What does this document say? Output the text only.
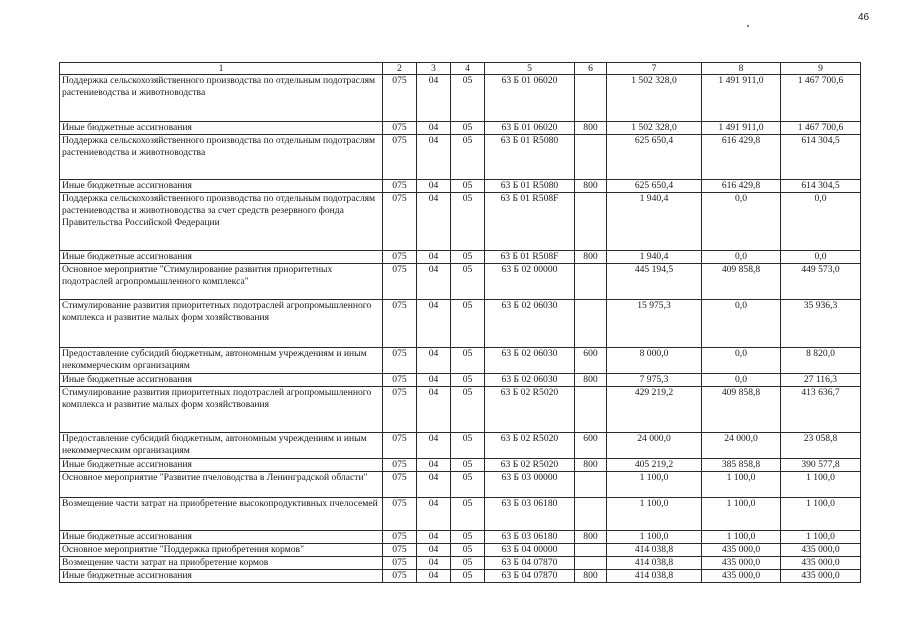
46
1	2	3	4	5	6	7	8	9
Поддержка сельскохозяйственного производства по отдельным подотраслям растениеводства и животноводства	075	04	05	63 Б 01 06020		1 502 328,0	1 491 911,0	1 467 700,6
Иные бюджетные ассигнования	075	04	05	63 Б 01 06020	800	1 502 328,0	1 491 911,0	1 467 700,6
Поддержка сельскохозяйственного производства по отдельным подотраслям растениеводства и животноводства	075	04	05	63 Б 01 R5080		625 650,4	616 429,8	614 304,5
Иные бюджетные ассигнования	075	04	05	63 Б 01 R5080	800	625 650,4	616 429,8	614 304,5
Поддержка сельскохозяйственного производства по отдельным подотраслям растениеводства и животноводства за счет средств резервного фонда Правительства Российской Федерации	075	04	05	63 Б 01 R508F		1 940,4	0,0	0,0
Иные бюджетные ассигнования	075	04	05	63 Б 01 R508F	800	1 940,4	0,0	0,0
Основное мероприятие "Стимулирование развития приоритетных подотраслей агропромышленного комплекса"	075	04	05	63 Б 02 00000		445 194,5	409 858,8	449 573,0
Стимулирование развития приоритетных подотраслей агропромышленного комплекса и развитие малых форм хозяйствования	075	04	05	63 Б 02 06030		15 975,3	0,0	35 936,3
Предоставление субсидий бюджетным, автономным учреждениям и иным некоммерческим организациям	075	04	05	63 Б 02 06030	600	8 000,0	0,0	8 820,0
Иные бюджетные ассигнования	075	04	05	63 Б 02 06030	800	7 975,3	0,0	27 116,3
Стимулирование развития приоритетных подотраслей агропромышленного комплекса и развитие малых форм хозяйствования	075	04	05	63 Б 02 R5020		429 219,2	409 858,8	413 636,7
Предоставление субсидий бюджетным, автономным учреждениям и иным некоммерческим организациям	075	04	05	63 Б 02 R5020	600	24 000,0	24 000,0	23 058,8
Иные бюджетные ассигнования	075	04	05	63 Б 02 R5020	800	405 219,2	385 858,8	390 577,8
Основное мероприятие "Развитие пчеловодства в Ленинградской области"	075	04	05	63 Б 03 00000		1 100,0	1 100,0	1 100,0
Возмещение части затрат на приобретение высокопродуктивных пчелосемей	075	04	05	63 Б 03 06180		1 100,0	1 100,0	1 100,0
Иные бюджетные ассигнования	075	04	05	63 Б 03 06180	800	1 100,0	1 100,0	1 100,0
Основное мероприятие "Поддержка приобретения кормов"	075	04	05	63 Б 04 00000		414 038,8	435 000,0	435 000,0
Возмещение части затрат на приобретение кормов	075	04	05	63 Б 04 07870		414 038,8	435 000,0	435 000,0
Иные бюджетные ассигнования	075	04	05	63 Б 04 07870	800	414 038,8	435 000,0	435 000,0
